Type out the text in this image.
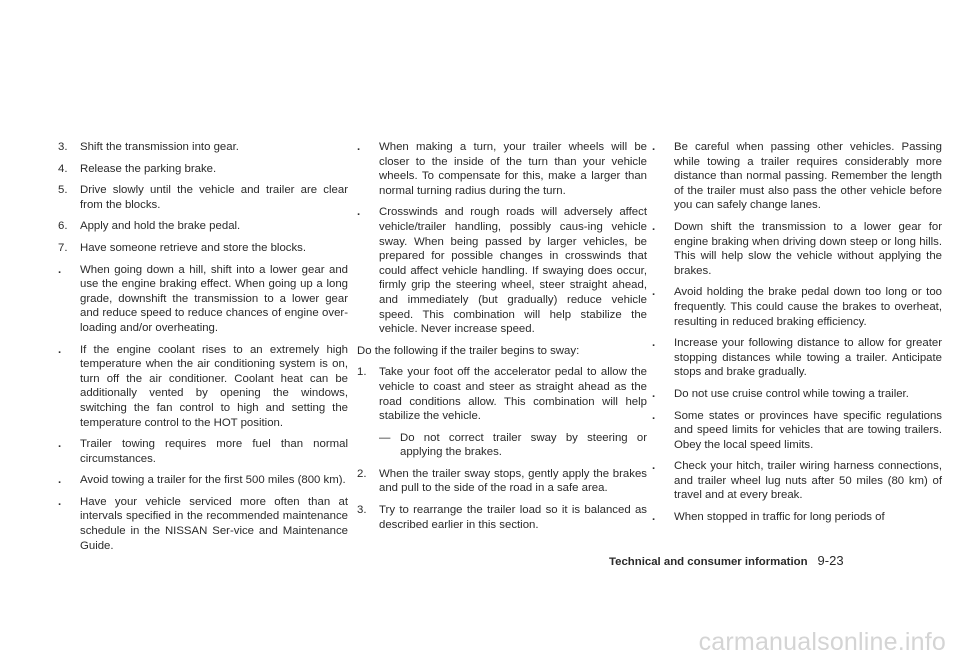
3.	Shift the transmission into gear.
4.	Release the parking brake.
5.	Drive slowly until the vehicle and trailer are clear from the blocks.
6.	Apply and hold the brake pedal.
7.	Have someone retrieve and store the blocks.
.	When going down a hill, shift into a lower gear and use the engine braking effect. When going up a long grade, downshift the transmission to a lower gear and reduce speed to reduce chances of engine over-loading and/or overheating.
.	If the engine coolant rises to an extremely high temperature when the air conditioning system is on, turn off the air conditioner. Coolant heat can be additionally vented by opening the windows, switching the fan control to high and setting the temperature control to the HOT position.
.	Trailer towing requires more fuel than normal circumstances.
.	Avoid towing a trailer for the first 500 miles (800 km).
.	Have your vehicle serviced more often than at intervals specified in the recommended maintenance schedule in the NISSAN Ser-vice and Maintenance Guide.
.	When making a turn, your trailer wheels will be closer to the inside of the turn than your vehicle wheels. To compensate for this, make a larger than normal turning radius during the turn.
.	Crosswinds and rough roads will adversely affect vehicle/trailer handling, possibly caus-ing vehicle sway. When being passed by larger vehicles, be prepared for possible changes in crosswinds that could affect vehicle handling. If swaying does occur, firmly grip the steering wheel, steer straight ahead, and immediately (but gradually) reduce vehicle speed. This combination will help stabilize the vehicle. Never increase speed.
Do the following if the trailer begins to sway:
1.	Take your foot off the accelerator pedal to allow the vehicle to coast and steer as straight ahead as the road conditions allow. This combination will help stabilize the vehicle.
— Do not correct trailer sway by steering or applying the brakes.
2.	When the trailer sway stops, gently apply the brakes and pull to the side of the road in a safe area.
3.	Try to rearrange the trailer load so it is balanced as described earlier in this section.
.	Be careful when passing other vehicles. Passing while towing a trailer requires considerably more distance than normal passing. Remember the length of the trailer must also pass the other vehicle before you can safely change lanes.
.	Down shift the transmission to a lower gear for engine braking when driving down steep or long hills. This will help slow the vehicle without applying the brakes.
.	Avoid holding the brake pedal down too long or too frequently. This could cause the brakes to overheat, resulting in reduced braking efficiency.
.	Increase your following distance to allow for greater stopping distances while towing a trailer. Anticipate stops and brake gradually.
.	Do not use cruise control while towing a trailer.
.	Some states or provinces have specific regulations and speed limits for vehicles that are towing trailers. Obey the local speed limits.
.	Check your hitch, trailer wiring harness connections, and trailer wheel lug nuts after 50 miles (80 km) of travel and at every break.
.	When stopped in traffic for long periods of
Technical and consumer information 9-23
carmanualsonline.info
